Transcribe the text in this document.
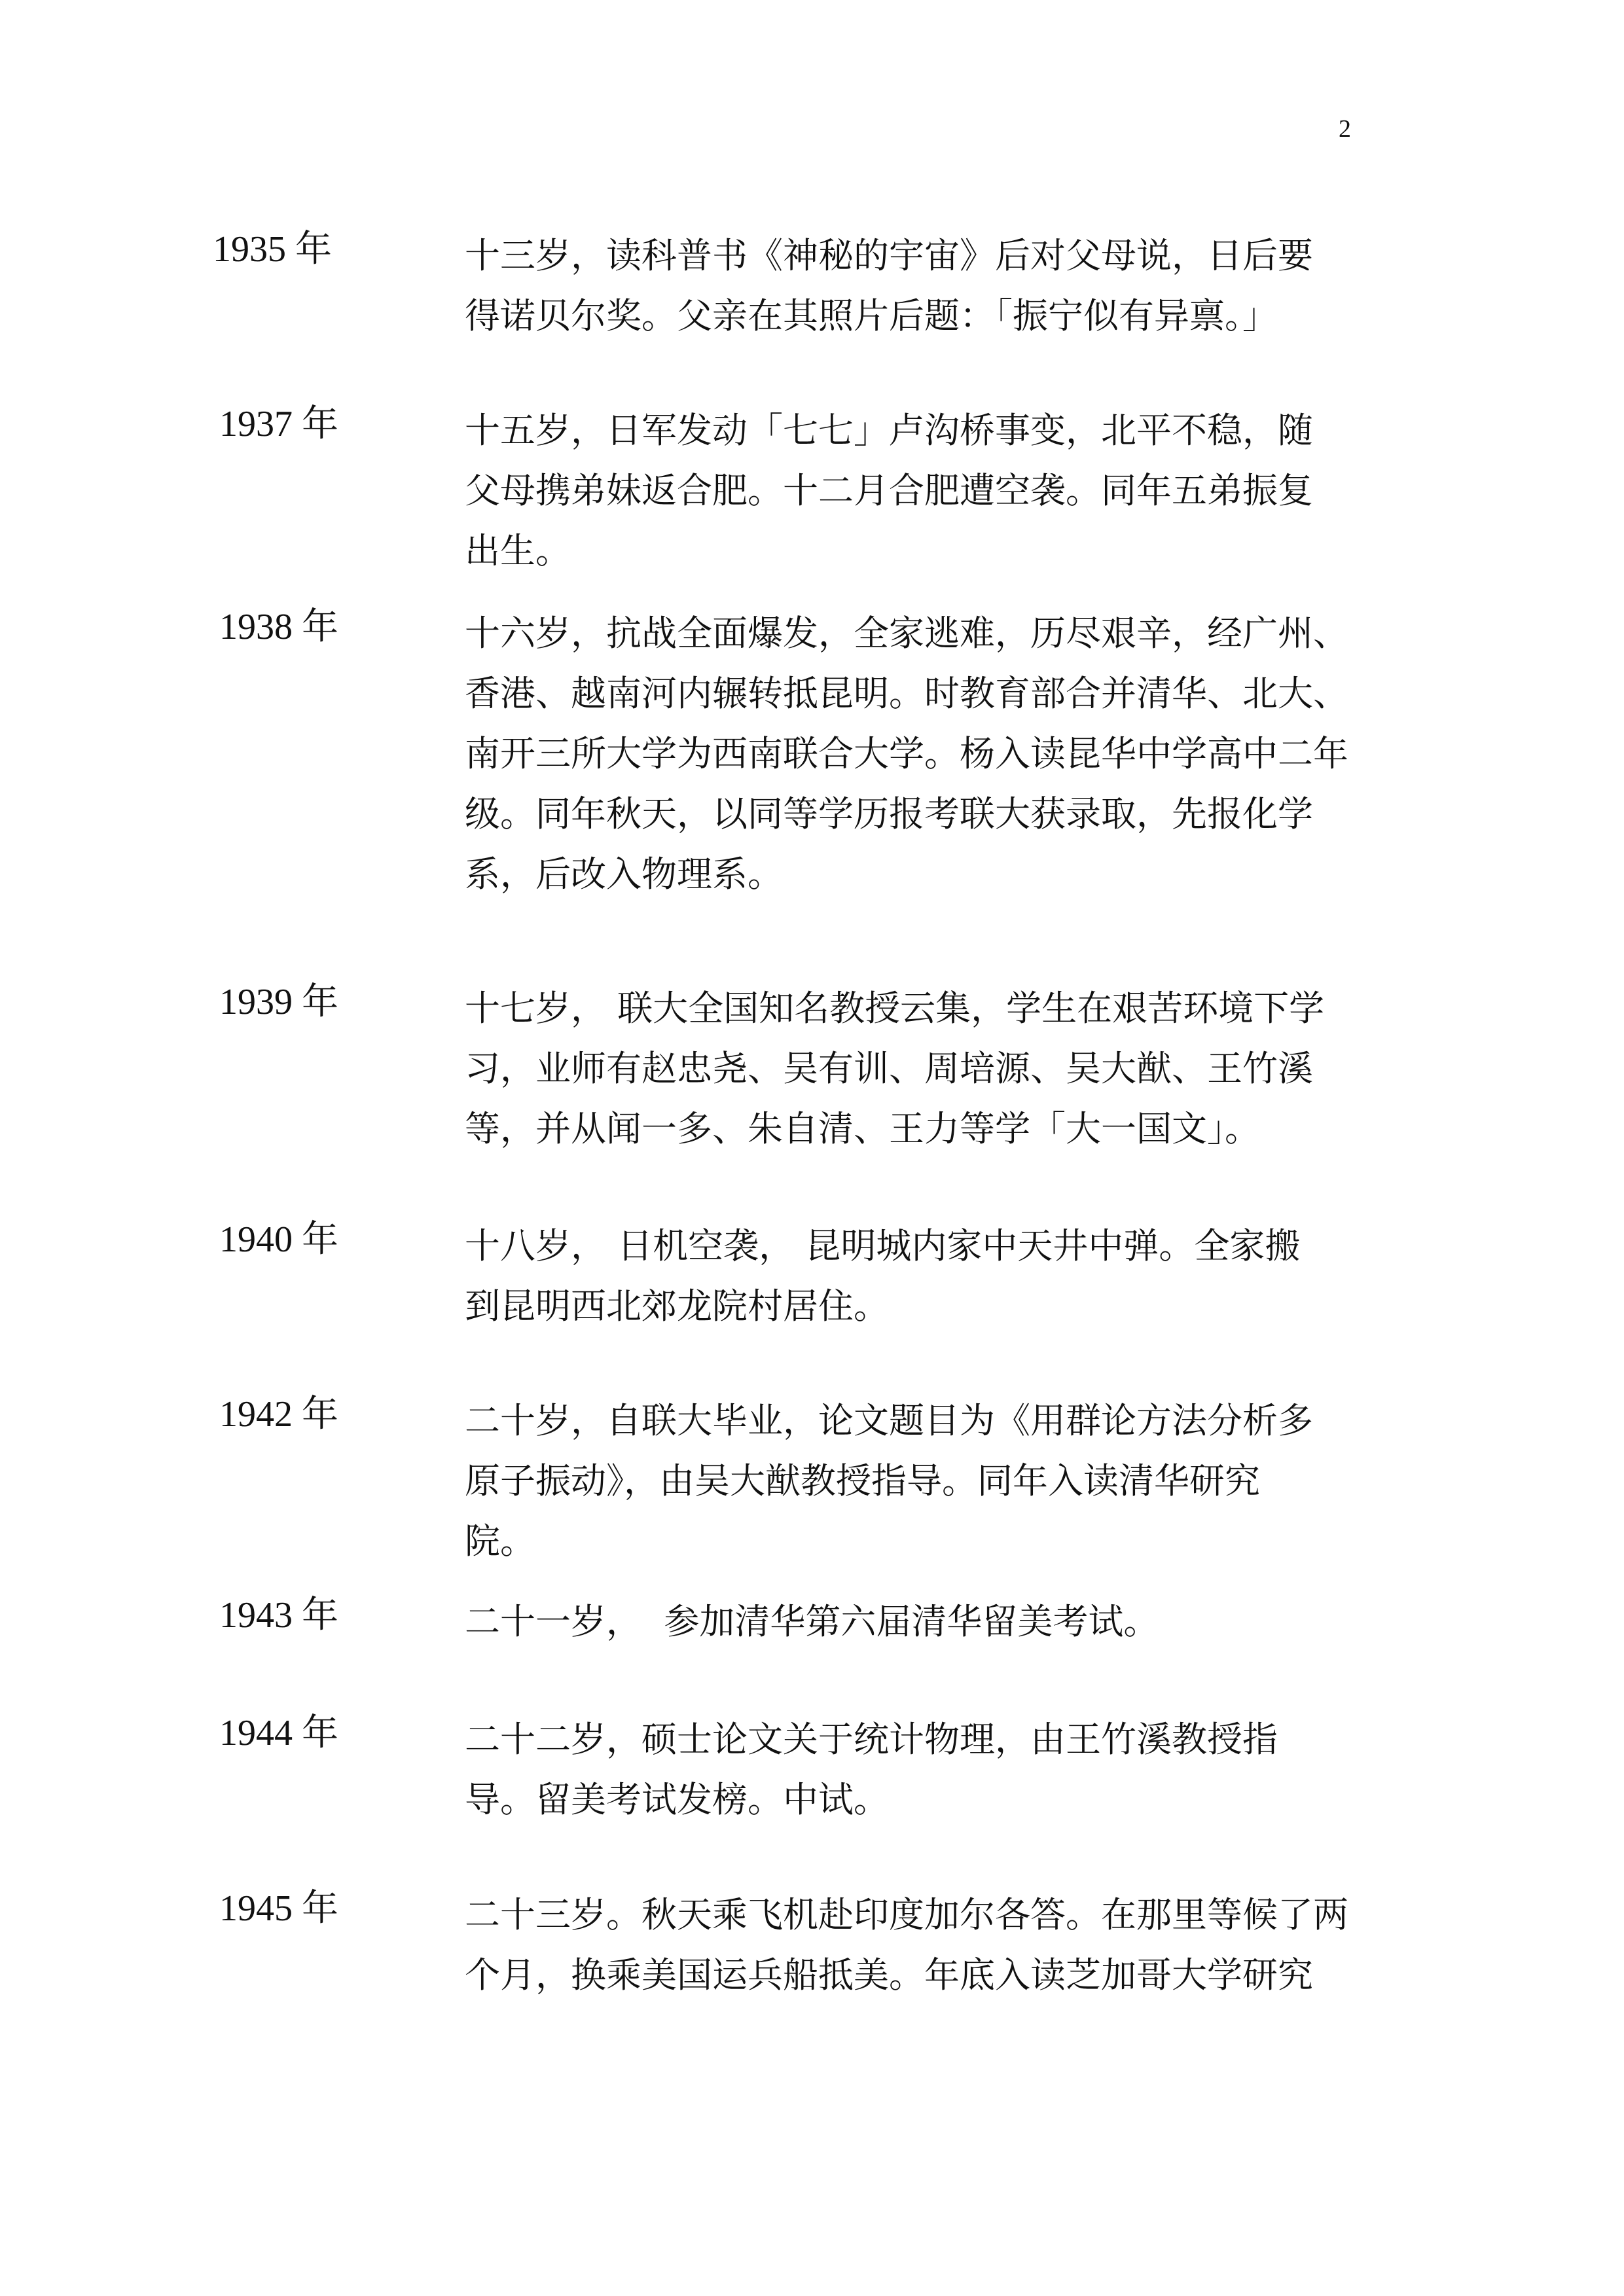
2
1935 年	十三岁，读科普书《神秘的宇宙》后对父母说，日后要
得诺贝尔奖。父亲在其照片后题：「振宁似有异禀。」
1937 年	十五岁，日军发动「七七」卢沟桥事变，北平不稳，随
父母携弟妹返合肥。十二月合肥遭空袭。同年五弟振复
出生。
1938 年	十六岁，抗战全面爆发，全家逃难，历尽艰辛，经广州、
香港、越南河内辗转抵昆明。时教育部合并清华、北大、
南开三所大学为西南联合大学。杨入读昆华中学高中二年
级。同年秋天，以同等学历报考联大获录取，先报化学
系，后改入物理系。
1939 年	十七岁， 联大全国知名教授云集，学生在艰苦环境下学
习，业师有赵忠尧、吴有训、周培源、吴大猷、王竹溪
等，并从闻一多、朱自清、王力等学「大一国文」。
1940 年	十八岁， 日机空袭， 昆明城内家中天井中弹。全家搬
到昆明西北郊龙院村居住。
1942 年	二十岁，自联大毕业，论文题目为《用群论方法分析多
原子振动》，由吴大猷教授指导。同年入读清华研究
院。
1943 年	二十一岁，  参加清华第六届清华留美考试。
1944 年	二十二岁，硕士论文关于统计物理，由王竹溪教授指
导。留美考试发榜。中试。
1945 年	二十三岁。秋天乘飞机赴印度加尔各答。在那里等候了两
个月，换乘美国运兵船抵美。年底入读芝加哥大学研究
